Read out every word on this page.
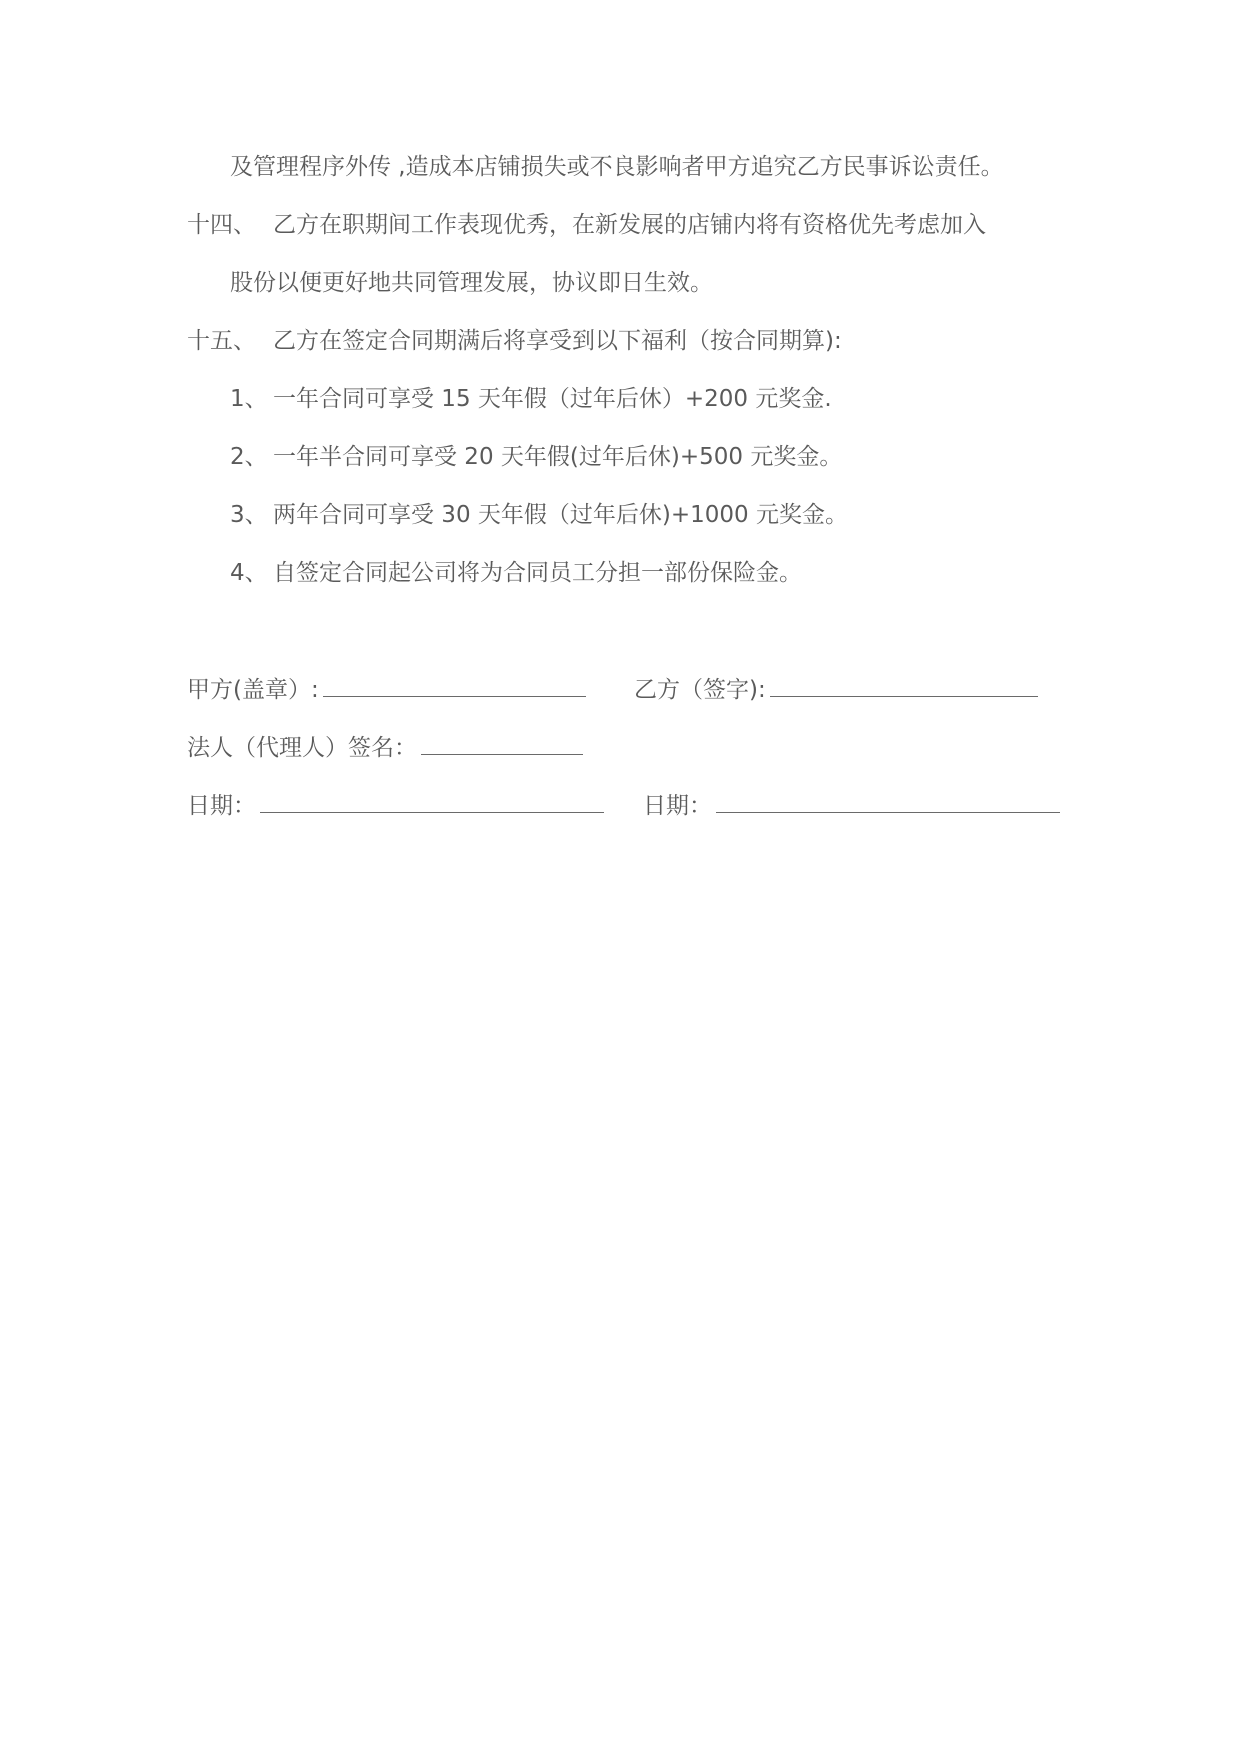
及管理程序外传 ,造成本店铺损失或不良影响者甲方追究乙方民事诉讼责任。
十四、 乙方在职期间工作表现优秀，在新发展的店铺内将有资格优先考虑加入
股份以便更好地共同管理发展，协议即日生效。
十五、 乙方在签定合同期满后将享受到以下福利（按合同期算):
1、 一年合同可享受 15 天年假（过年后休）+200 元奖金.
2、 一年半合同可享受 20 天年假(过年后休)+500 元奖金。
3、 两年合同可享受 30 天年假（过年后休)+1000 元奖金。
4、 自签定合同起公司将为合同员工分担一部份保险金。
甲方(盖章）:	乙方（签字):
法人（代理人）签名：
日期：	日期：
